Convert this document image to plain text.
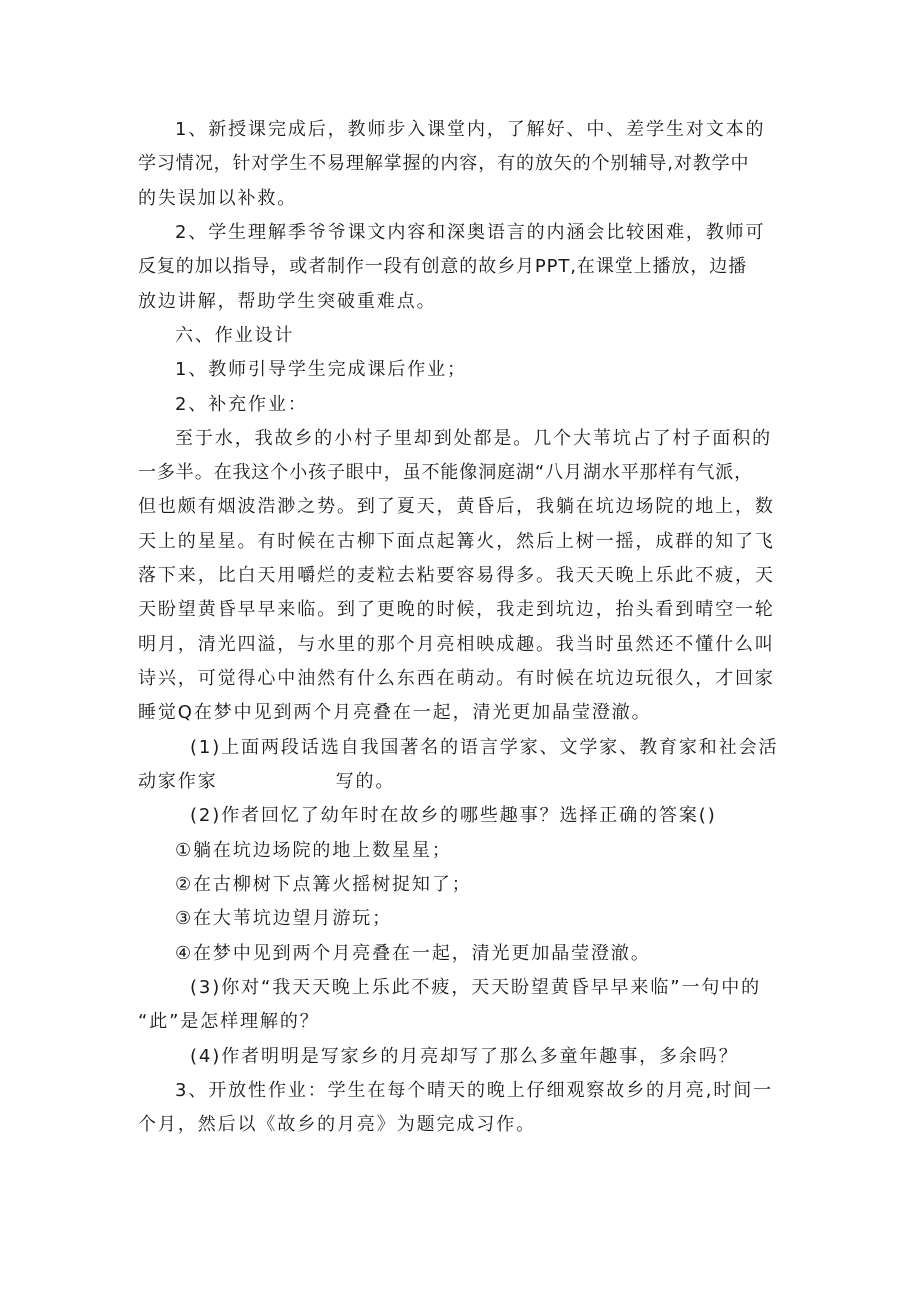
1、新授课完成后，教师步入课堂内，了解好、中、差学生对文本的
学习情况，针对学生不易理解掌握的内容，有的放矢的个别辅导,对教学中
的失误加以补救。
2、学生理解季爷爷课文内容和深奥语言的内涵会比较困难，教师可
反复的加以指导，或者制作一段有创意的故乡月PPT,在课堂上播放，边播
放边讲解，帮助学生突破重难点。
六、作业设计
1、教师引导学生完成课后作业；
2、补充作业：
至于水，我故乡的小村子里却到处都是。几个大苇坑占了村子面积的
一多半。在我这个小孩子眼中，虽不能像洞庭湖“八月湖水平那样有气派，
但也颇有烟波浩渺之势。到了夏天，黄昏后，我躺在坑边场院的地上，数
天上的星星。有时候在古柳下面点起篝火，然后上树一摇，成群的知了飞
落下来，比白天用嚼烂的麦粒去粘要容易得多。我天天晚上乐此不疲，天
天盼望黄昏早早来临。到了更晚的时候，我走到坑边，抬头看到晴空一轮
明月，清光四溢，与水里的那个月亮相映成趣。我当时虽然还不懂什么叫
诗兴，可觉得心中油然有什么东西在萌动。有时候在坑边玩很久，才回家
睡觉Q在梦中见到两个月亮叠在一起，清光更加晶莹澄澈。
(1)上面两段话选自我国著名的语言学家、文学家、教育家和社会活
动家作家	写的。
(2)作者回忆了幼年时在故乡的哪些趣事？选择正确的答案()
①躺在坑边场院的地上数星星；
②在古柳树下点篝火摇树捉知了；
③在大苇坑边望月游玩；
④在梦中见到两个月亮叠在一起，清光更加晶莹澄澈。
(3)你对“我天天晚上乐此不疲，天天盼望黄昏早早来临”一句中的
“此”是怎样理解的？
(4)作者明明是写家乡的月亮却写了那么多童年趣事，多余吗？
3、开放性作业：学生在每个晴天的晚上仔细观察故乡的月亮,时间一
个月，然后以《故乡的月亮》为题完成习作。
